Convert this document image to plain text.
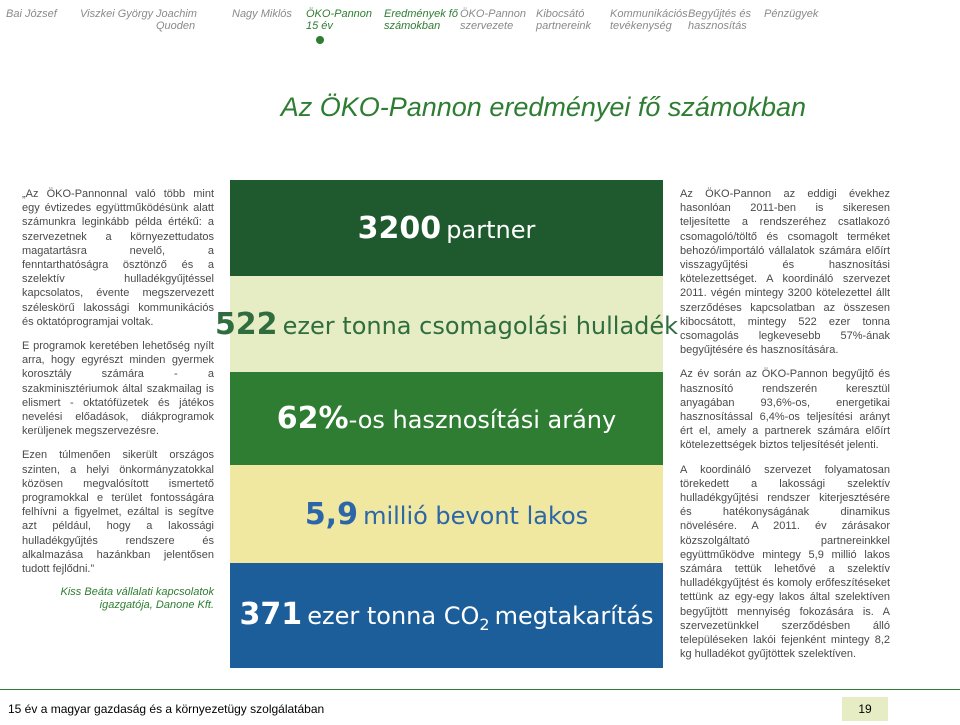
Bai József Viszkei György Joachim
Quoden
Nagy Miklós ÖKO-Pannon
15 év
Eredmények fő
számokban
ÖKO-Pannon
szervezete
Kibocsátó
partnereink
Kommunikációs
tevékenység
Begyűjtés és
hasznosítás
Pénzügyek
Az ÖKO-Pannon eredményei fő számokban

„Az ÖKO-Pannonnal való több mint egy évtizedes együttműködésünk alatt számunkra leginkább példa értékű: a szervezetnek a környezettudatos magatartásra nevelő, a fenntarthatóságra ösztönző és a szelektív hulladékgyűjtéssel kapcsolatos, évente megszervezett széleskörű lakossági kommunikációs és oktatóprogramjai voltak.

E programok keretében lehetőség nyílt arra, hogy egyrészt minden gyermek korosztály számára - a szakminisztériumok által szakmailag is elismert - oktatófüzetek és játékos nevelési előadások, diákprogramok kerüljenek megszervezésre.

Ezen túlmenően sikerült országos szinten, a helyi önkormányzatokkal közösen megvalósított ismertető programokkal e terület fontosságára felhívni a figyelmet, ezáltal is segítve azt például, hogy a lakossági hulladékgyűjtés rendszere és alkalmazása hazánkban jelentősen tudott fejlődni.”

Kiss Beáta vállalati kapcsolatok igazgatója, Danone Kft.
3200 partner
522 ezer tonna csomagolási hulladék
62%-os hasznosítási arány
5,9 millió bevont lakos
371 ezer tonna $CO_2$ megtakarítás

Az ÖKO-Pannon az eddigi évekhez hasonlóan 2011-ben is sikeresen teljesítette a rendszeréhez csatlakozó csomagoló/töltő és csomagolt terméket behozó/importáló vállalatok számára előírt visszagyűjtési és hasznosítási kötelezettséget. A koordináló szervezet 2011. végén mintegy 3200 kötelezettel állt szerződéses kapcsolatban az összesen kibocsátott, mintegy 522 ezer tonna csomagolás legkevesebb 57%-ának begyűjtésére és hasznosítására.

Az év során az ÖKO-Pannon begyűjtő és hasznosító rendszerén keresztül anyagában 93,6%-os, energetikai hasznosítással 6,4%-os teljesítési arányt ért el, amely a partnerek számára előírt kötelezettségek biztos teljesítését jelenti.

A koordináló szervezet folyamatosan törekedett a lakossági szelektív hulladékgyűjtési rendszer kiterjesztésére és hatékonyságának dinamikus növelésére. A 2011. év zárásakor közszolgáltató partnereinkkel együttműködve mintegy 5,9 millió lakos számára tettük lehetővé a szelektív hulladékgyűjtést és komoly erőfeszítéseket tettünk az egy-egy lakos által szelektíven begyűjtött mennyiség fokozására is. A szervezetünkkel szerződésben álló településeken lakói fejenként mintegy 8,2 kg hulladékot gyűjtöttek szelektíven.

15 év a magyar gazdaság és a környezetügy szolgálatában	19
